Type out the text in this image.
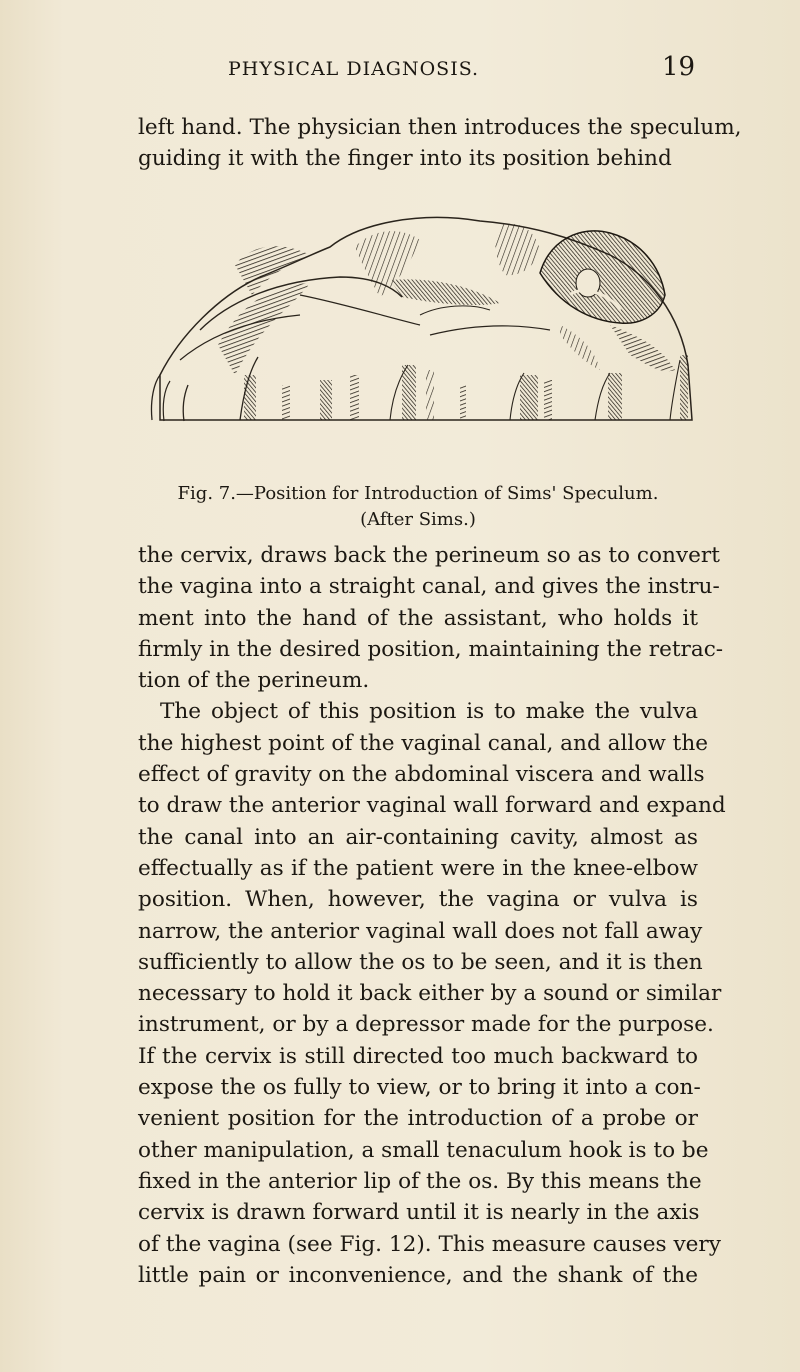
PHYSICAL DIAGNOSIS.	19
left hand. The physician then introduces the speculum,
guiding it with the finger into its position behind
Fig. 7.—Position for Introduction of Sims' Speculum.
(After Sims.)
the cervix, draws back the perineum so as to convert
the vagina into a straight canal, and gives the instru-
ment into the hand of the assistant, who holds it
firmly in the desired position, maintaining the retrac-
tion of the perineum.
The object of this position is to make the vulva
the highest point of the vaginal canal, and allow the
effect of gravity on the abdominal viscera and walls
to draw the anterior vaginal wall forward and expand
the canal into an air-containing cavity, almost as
effectually as if the patient were in the knee-elbow
position. When, however, the vagina or vulva is
narrow, the anterior vaginal wall does not fall away
sufficiently to allow the os to be seen, and it is then
necessary to hold it back either by a sound or similar
instrument, or by a depressor made for the purpose.
If the cervix is still directed too much backward to
expose the os fully to view, or to bring it into a con-
venient position for the introduction of a probe or
other manipulation, a small tenaculum hook is to be
fixed in the anterior lip of the os. By this means the
cervix is drawn forward until it is nearly in the axis
of the vagina (see Fig. 12). This measure causes very
little pain or inconvenience, and the shank of the
